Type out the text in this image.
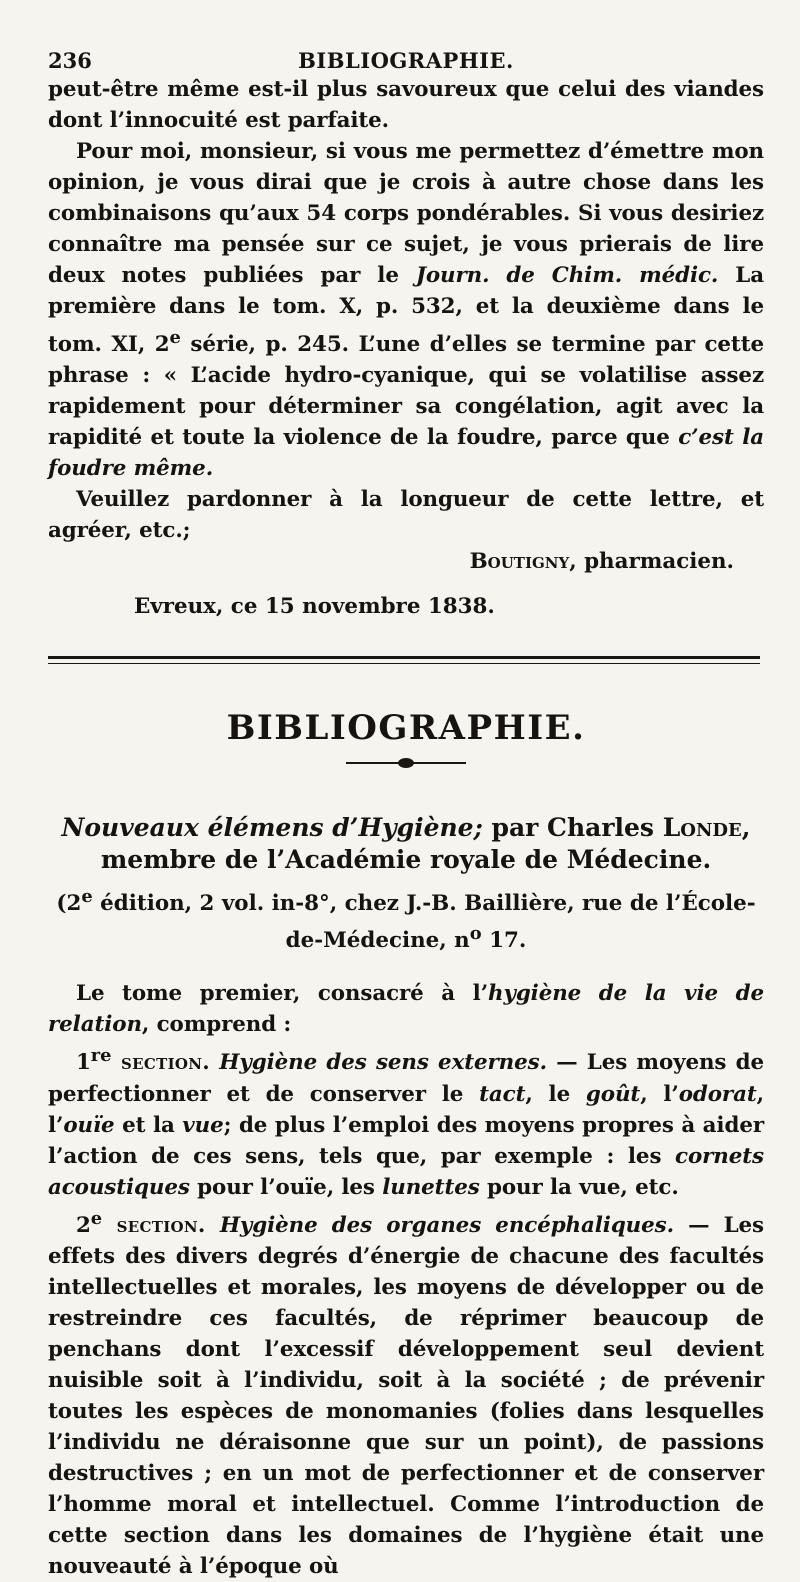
236	BIBLIOGRAPHIE.

peut-être même est-il plus savoureux que celui des viandes dont l’innocuité est parfaite.

Pour moi, monsieur, si vous me permettez d’émettre mon opinion, je vous dirai que je crois à autre chose dans les combinaisons qu’aux 54 corps pondérables. Si vous desiriez connaître ma pensée sur ce sujet, je vous prierais de lire deux notes publiées par le Journ. de Chim. médic. La première dans le tom. X, p. 532, et la deuxième dans le tom. XI, 2e série, p. 245. L’une d’elles se termine par cette phrase : « L’acide hydro-cyanique, qui se volatilise assez rapidement pour déterminer sa congélation, agit avec la rapidité et toute la violence de la foudre, parce que c’est la foudre même.

Veuillez pardonner à la longueur de cette lettre, et agréer, etc.;

Boutigny, pharmacien.

Evreux, ce 15 novembre 1838.

BIBLIOGRAPHIE.
Nouveaux élémens d’Hygiène; par Charles Londe, membre de l’Académie royale de Médecine.
(2e édition, 2 vol. in-8°, chez J.-B. Baillière, rue de l’École-de-Médecine, $n^o$ 17.

Le tome premier, consacré à l’hygiène de la vie de relation, comprend :

1re section. Hygiène des sens externes. — Les moyens de perfectionner et de conserver le tact, le goût, l’odorat, l’ouïe et la vue; de plus l’emploi des moyens propres à aider l’action de ces sens, tels que, par exemple : les cornets acoustiques pour l’ouïe, les lunettes pour la vue, etc.

2e section. Hygiène des organes encéphaliques. — Les effets des divers degrés d’énergie de chacune des facultés intellectuelles et morales, les moyens de développer ou de restreindre ces facultés, de réprimer beaucoup de penchans dont l’excessif développement seul devient nuisible soit à l’individu, soit à la société ; de prévenir toutes les espèces de monomanies (folies dans lesquelles l’individu ne déraisonne que sur un point), de passions destructives ; en un mot de perfectionner et de conserver l’homme moral et intellectuel. Comme l’introduction de cette section dans les domaines de l’hygiène était une nouveauté à l’époque où
